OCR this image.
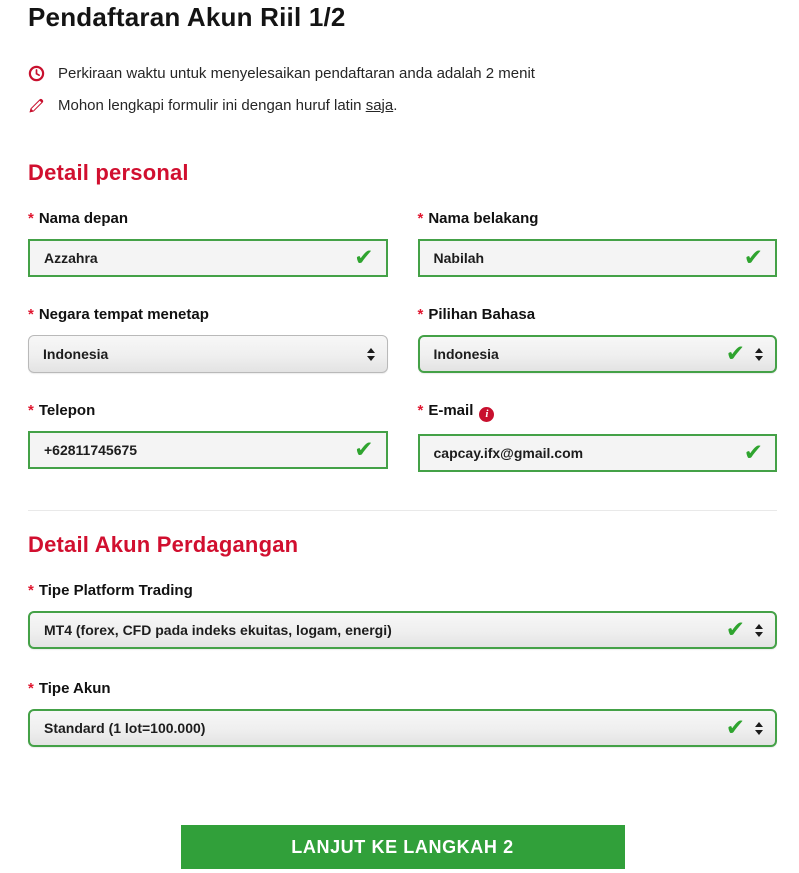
Pendaftaran Akun Riil 1/2
Perkiraan waktu untuk menyelesaikan pendaftaran anda adalah 2 menit
Mohon lengkapi formulir ini dengan huruf latin saja.
Detail personal
* Nama depan
Azzahra	✔
* Nama belakang
Nabilah	✔
* Negara tempat menetap
Indonesia
* Pilihan Bahasa
Indonesia	✔
* Telepon
+62811745675	✔
* E-mail i
capcay.ifx@gmail.com	✔
Detail Akun Perdagangan
* Tipe Platform Trading
MT4 (forex, CFD pada indeks ekuitas, logam, energi)	✔
* Tipe Akun
Standard (1 lot=100.000)	✔
LANJUT KE LANGKAH 2
